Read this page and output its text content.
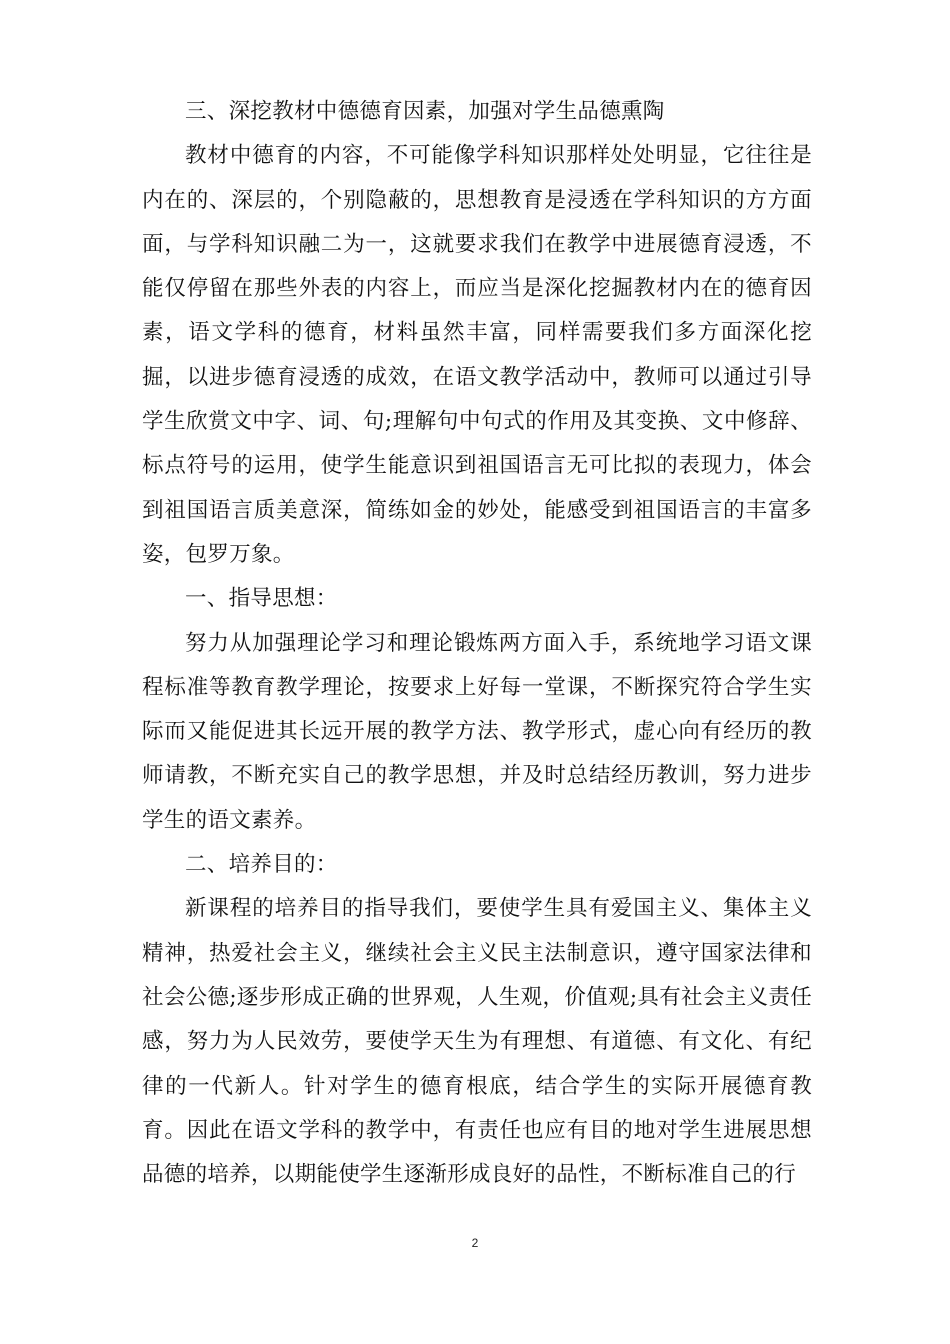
三、深挖教材中德德育因素，加强对学生品德熏陶

教材中德育的内容，不可能像学科知识那样处处明显，它往往是内在的、深层的，个别隐蔽的，思想教育是浸透在学科知识的方方面面，与学科知识融二为一，这就要求我们在教学中进展德育浸透，不能仅停留在那些外表的内容上，而应当是深化挖掘教材内在的德育因素，语文学科的德育，材料虽然丰富，同样需要我们多方面深化挖掘，以进步德育浸透的成效，在语文教学活动中，教师可以通过引导学生欣赏文中字、词、句;理解句中句式的作用及其变换、文中修辞、标点符号的运用，使学生能意识到祖国语言无可比拟的表现力，体会到祖国语言质美意深，简练如金的妙处，能感受到祖国语言的丰富多姿，包罗万象。

一、指导思想：

努力从加强理论学习和理论锻炼两方面入手，系统地学习语文课程标准等教育教学理论，按要求上好每一堂课，不断探究符合学生实际而又能促进其长远开展的教学方法、教学形式，虚心向有经历的教师请教，不断充实自己的教学思想，并及时总结经历教训，努力进步学生的语文素养。

二、培养目的：

新课程的培养目的指导我们，要使学生具有爱国主义、集体主义精神，热爱社会主义，继续社会主义民主法制意识，遵守国家法律和社会公德;逐步形成正确的世界观，人生观，价值观;具有社会主义责任感，努力为人民效劳，要使学天生为有理想、有道德、有文化、有纪律的一代新人。针对学生的德育根底，结合学生的实际开展德育教育。因此在语文学科的教学中，有责任也应有目的地对学生进展思想品德的培养，以期能使学生逐渐形成良好的品性，不断标准自己的行

2
